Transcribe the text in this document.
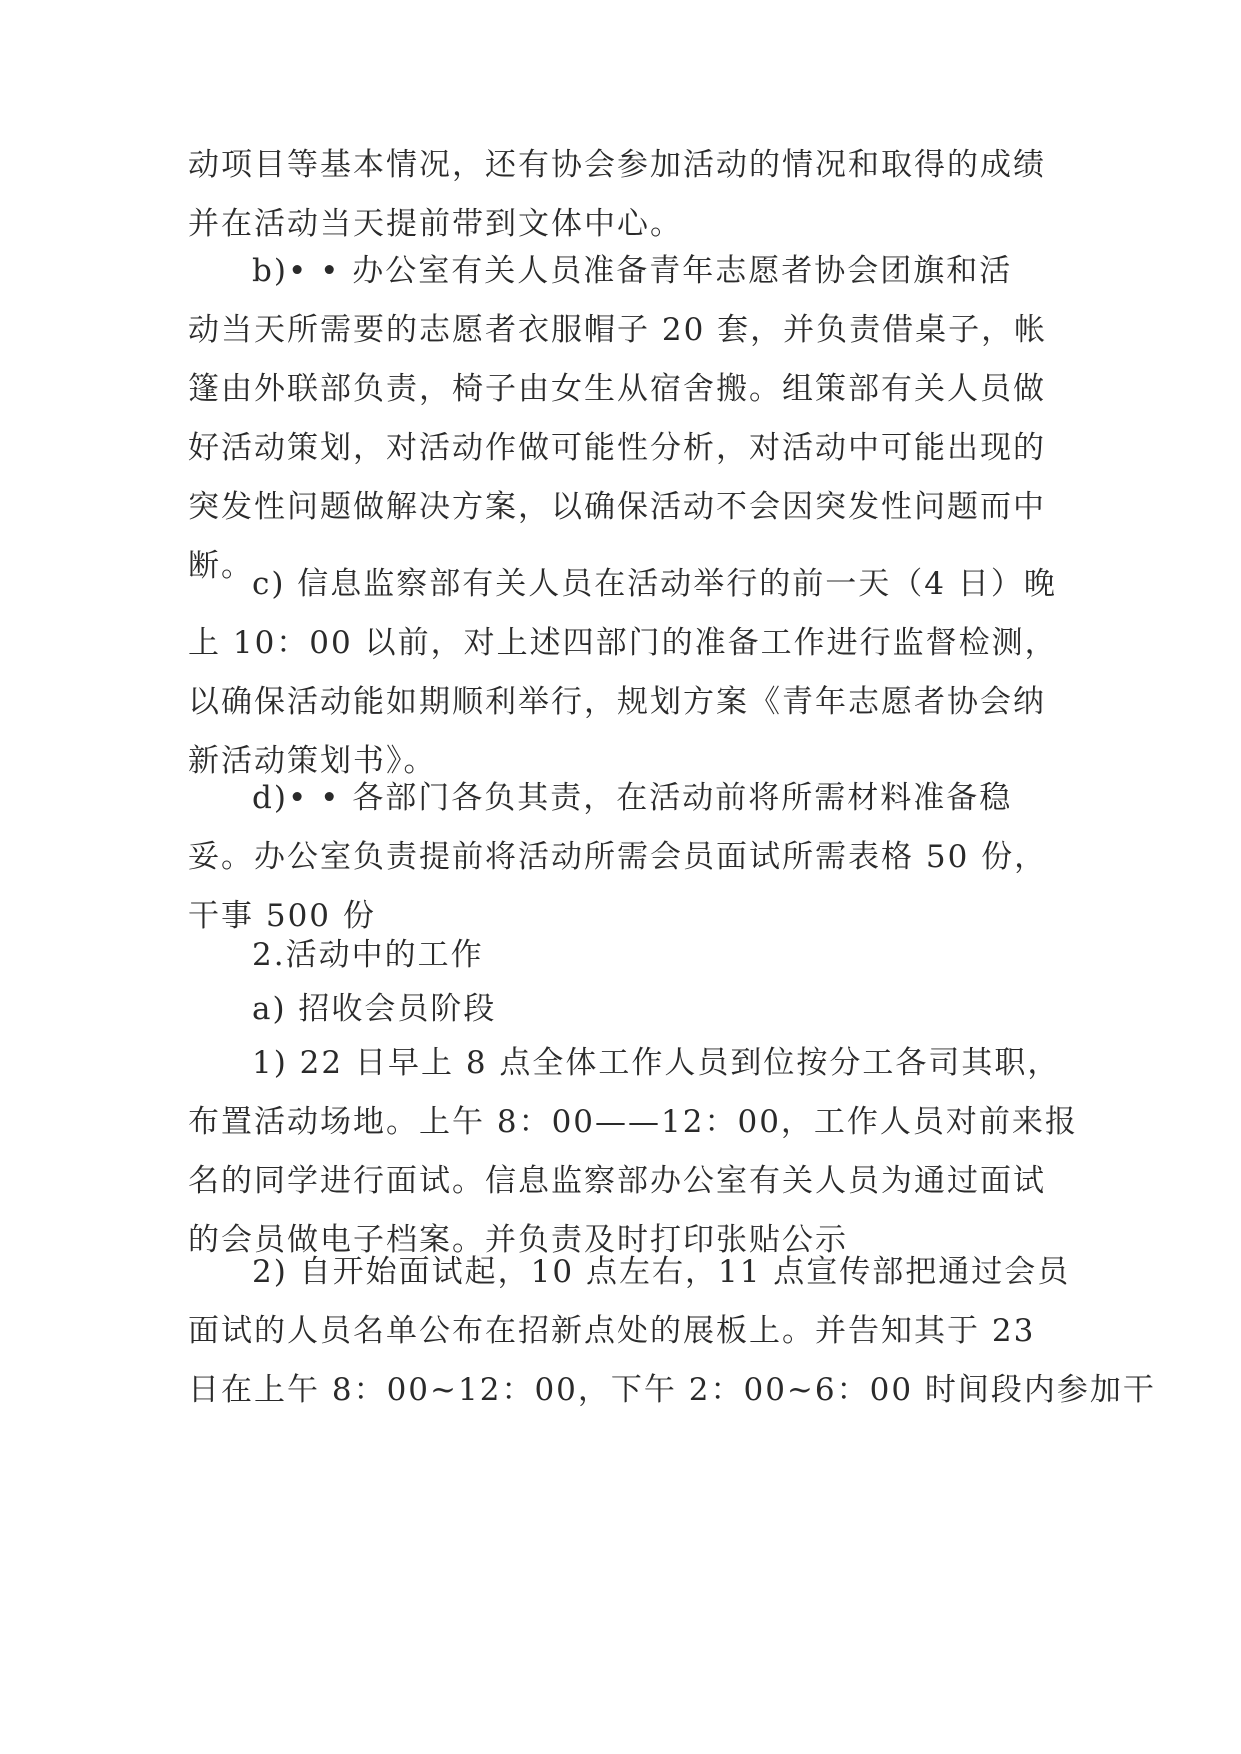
动项目等基本情况，还有协会参加活动的情况和取得的成绩
并在活动当天提前带到文体中心。
b)• • 办公室有关人员准备青年志愿者协会团旗和活
动当天所需要的志愿者衣服帽子 20 套，并负责借桌子，帐
篷由外联部负责，椅子由女生从宿舍搬。组策部有关人员做
好活动策划，对活动作做可能性分析，对活动中可能出现的
突发性问题做解决方案，以确保活动不会因突发性问题而中
断。
c) 信息监察部有关人员在活动举行的前一天（4 日）晚
上 10：00 以前，对上述四部门的准备工作进行监督检测，
以确保活动能如期顺利举行，规划方案《青年志愿者协会纳
新活动策划书》。
d)• • 各部门各负其责，在活动前将所需材料准备稳
妥。办公室负责提前将活动所需会员面试所需表格 50 份，
干事 500 份
2.活动中的工作
a) 招收会员阶段
1) 22 日早上 8 点全体工作人员到位按分工各司其职，
布置活动场地。上午 8：00——12：00，工作人员对前来报
名的同学进行面试。信息监察部办公室有关人员为通过面试
的会员做电子档案。并负责及时打印张贴公示
2) 自开始面试起，10 点左右，11 点宣传部把通过会员
面试的人员名单公布在招新点处的展板上。并告知其于 23
日在上午 8：00~12：00，下午 2：00~6：00 时间段内参加干
